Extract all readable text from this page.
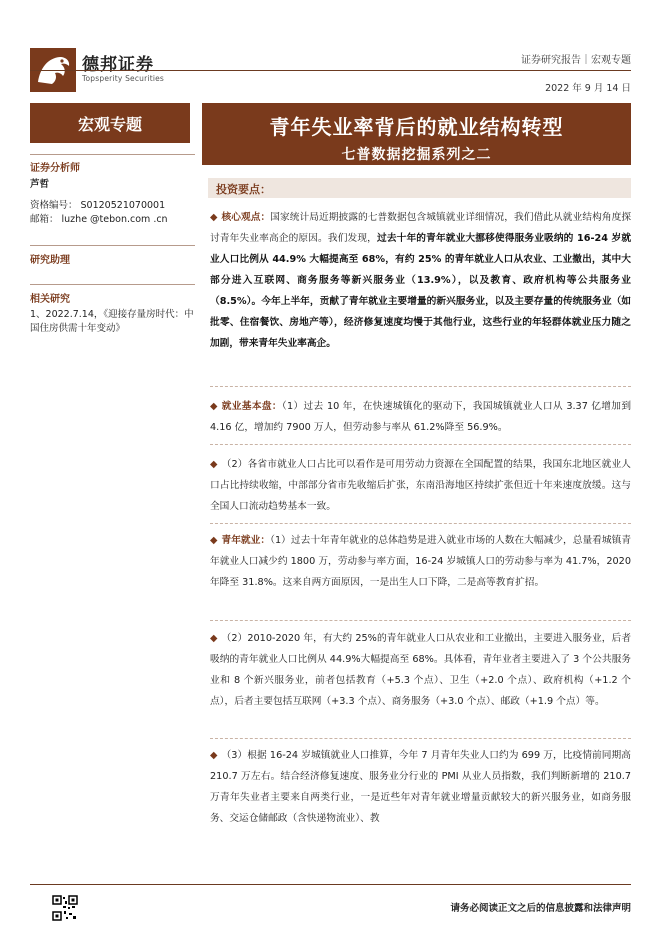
德邦证券
Topsperity Securities
证券研究报告｜宏观专题
2022 年 9 月 14 日
宏观专题	青年失业率背后的就业结构转型
七普数据挖掘系列之二
证券分析师
芦哲
资格编号： S0120521070001
邮箱： luzhe @tebon.com .cn
研究助理
相关研究
1、2022.7.14，《迎接存量房时代：中
国住房供需十年变动》
投资要点：
◆ 核心观点：国家统计局近期披露的七普数据包含城镇就业详细情况，我们借此从就业结构角度探讨青年失业率高企的原因。我们发现，过去十年的青年就业大挪移使得服务业吸纳的 16-24 岁就业人口比例从 44.9% 大幅提高至 68%，有约 25% 的青年就业人口从农业、工业撤出，其中大部分进入互联网、商务服务等新兴服务业（13.9%），以及教育、政府机构等公共服务业（8.5%）。今年上半年，贡献了青年就业主要增量的新兴服务业，以及主要存量的传统服务业（如批零、住宿餐饮、房地产等），经济修复速度均慢于其他行业，这些行业的年轻群体就业压力随之加剧，带来青年失业率高企。
◆ 就业基本盘：（1）过去 10 年，在快速城镇化的驱动下，我国城镇就业人口从 3.37 亿增加到 4.16 亿，增加约 7900 万人，但劳动参与率从 61.2%降至 56.9%。
◆ （2）各省市就业人口占比可以看作是可用劳动力资源在全国配置的结果，我国东北地区就业人口占比持续收缩，中部部分省市先收缩后扩张，东南沿海地区持续扩张但近十年来速度放缓。这与全国人口流动趋势基本一致。
◆ 青年就业：（1）过去十年青年就业的总体趋势是进入就业市场的人数在大幅减少，总量看城镇青年就业人口减少约 1800 万，劳动参与率方面，16-24 岁城镇人口的劳动参与率为 41.7%，2020 年降至 31.8%。这来自两方面原因，一是出生人口下降，二是高等教育扩招。
◆ （2）2010-2020 年，有大约 25%的青年就业人口从农业和工业撤出，主要进入服务业，后者吸纳的青年就业人口比例从 44.9%大幅提高至 68%。具体看，青年业者主要进入了 3 个公共服务业和 8 个新兴服务业，前者包括教育（+5.3 个点）、卫生（+2.0 个点）、政府机构（+1.2 个点），后者主要包括互联网（+3.3 个点）、商务服务（+3.0 个点）、邮政（+1.9 个点）等。
◆ （3）根据 16-24 岁城镇就业人口推算，今年 7 月青年失业人口约为 699 万，比疫情前同期高 210.7 万左右。结合经济修复速度、服务业分行业的 PMI 从业人员指数，我们判断新增的 210.7 万青年失业者主要来自两类行业，一是近些年对青年就业增量贡献较大的新兴服务业，如商务服务、交运仓储邮政（含快递物流业）、教
请务必阅读正文之后的信息披露和法律声明
